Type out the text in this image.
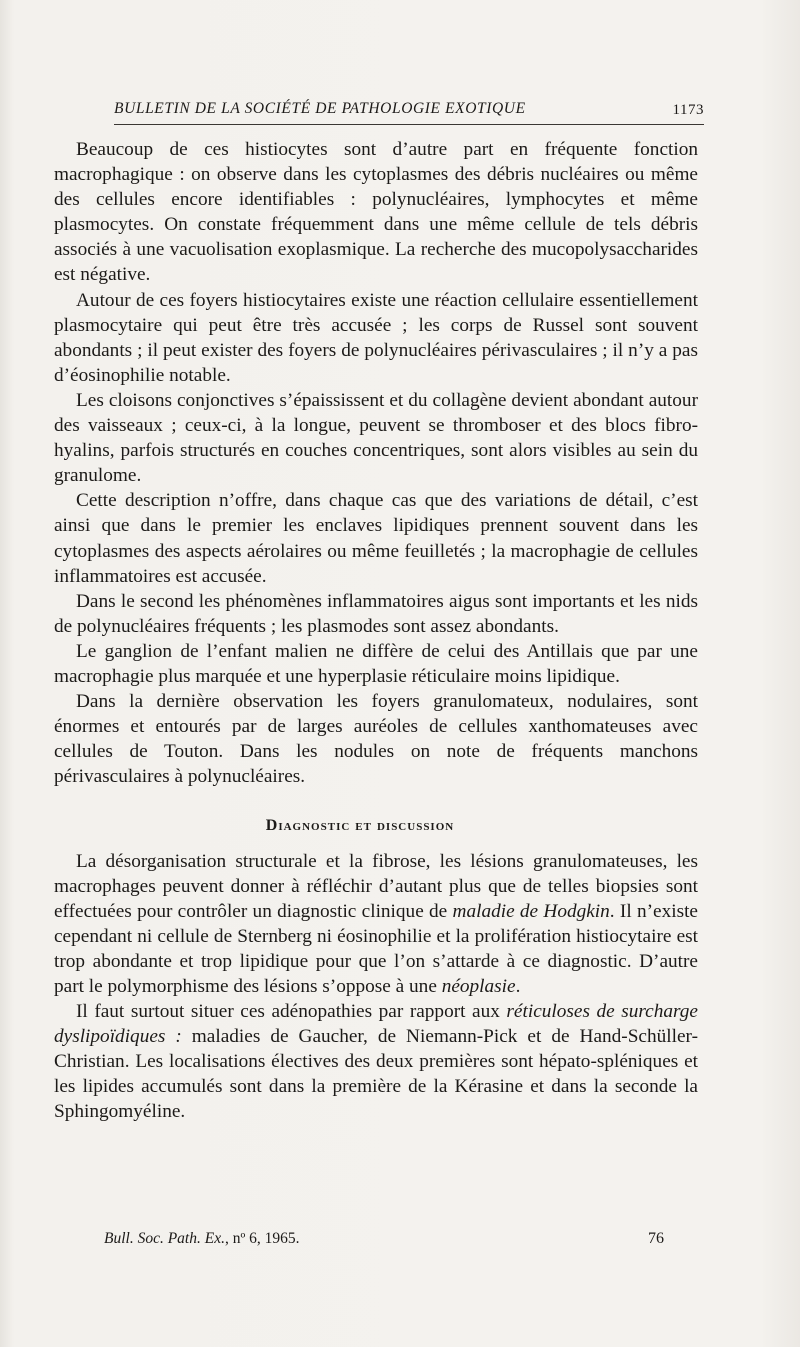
BULLETIN DE LA SOCIÉTÉ DE PATHOLOGIE EXOTIQUE	1173

Beaucoup de ces histiocytes sont d’autre part en fréquente fonction macrophagique : on observe dans les cytoplasmes des débris nucléaires ou même des cellules encore identifiables : polynucléaires, lymphocytes et même plasmocytes. On constate fréquemment dans une même cellule de tels débris associés à une vacuolisation exoplasmique. La recherche des mucopolysaccharides est négative.

Autour de ces foyers histiocytaires existe une réaction cellulaire essentiellement plasmocytaire qui peut être très accusée ; les corps de Russel sont souvent abondants ; il peut exister des foyers de polynucléaires périvasculaires ; il n’y a pas d’éosinophilie notable.

Les cloisons conjonctives s’épaississent et du collagène devient abondant autour des vaisseaux ; ceux-ci, à la longue, peuvent se thromboser et des blocs fibro-hyalins, parfois structurés en couches concentriques, sont alors visibles au sein du granulome.

Cette description n’offre, dans chaque cas que des variations de détail, c’est ainsi que dans le premier les enclaves lipidiques prennent souvent dans les cytoplasmes des aspects aérolaires ou même feuilletés ; la macrophagie de cellules inflammatoires est accusée.

Dans le second les phénomènes inflammatoires aigus sont importants et les nids de polynucléaires fréquents ; les plasmodes sont assez abondants.

Le ganglion de l’enfant malien ne diffère de celui des Antillais que par une macrophagie plus marquée et une hyperplasie réticulaire moins lipidique.

Dans la dernière observation les foyers granulomateux, nodulaires, sont énormes et entourés par de larges auréoles de cellules xanthomateuses avec cellules de Touton. Dans les nodules on note de fréquents manchons périvasculaires à polynucléaires.

Diagnostic et discussion

La désorganisation structurale et la fibrose, les lésions granulomateuses, les macrophages peuvent donner à réfléchir d’autant plus que de telles biopsies sont effectuées pour contrôler un diagnostic clinique de maladie de Hodgkin. Il n’existe cependant ni cellule de Sternberg ni éosinophilie et la prolifération histiocytaire est trop abondante et trop lipidique pour que l’on s’attarde à ce diagnostic. D’autre part le polymorphisme des lésions s’oppose à une néoplasie.

Il faut surtout situer ces adénopathies par rapport aux réticuloses de surcharge dyslipoïdiques : maladies de Gaucher, de Niemann-Pick et de Hand-Schüller-Christian. Les localisations électives des deux premières sont hépato-spléniques et les lipides accumulés sont dans la première de la Kérasine et dans la seconde la Sphingomyéline.

Bull. Soc. Path. Ex., nº 6, 1965.	76
